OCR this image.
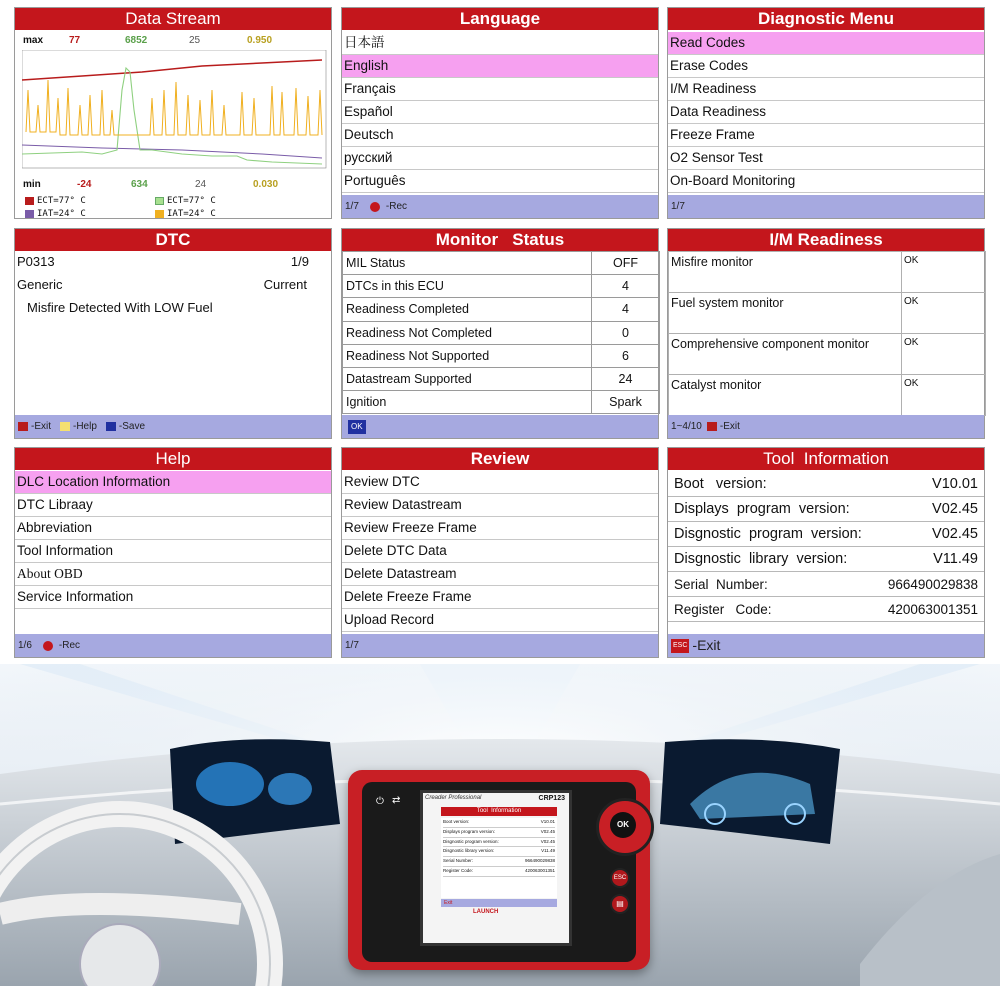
Data Stream
max	77	6852	25	0.950
min	-24	634	24	0.030
ECT=77° C	ECT=77° C
IAT=24° C	IAT=24° C
Language
日本語
English
Français
Español
Deutsch
русский
Português
1/7	-Rec
Diagnostic Menu
Read Codes
Erase Codes
I/M Readiness
Data Readiness
Freeze Frame
O2 Sensor Test
On-Board Monitoring
1/7
DTC
P0313	1/9
Generic	Current
Misfire Detected With LOW Fuel
-Exit -Help -Save
Monitor   Status
MIL Status	OFF
DTCs in this ECU	4
Readiness Completed	4
Readiness Not Completed	0
Readiness Not Supported	6
Datastream Supported	24
Ignition	Spark
OK
I/M Readiness
Misfire monitor	OK
Fuel system monitor	OK
Comprehensive component monitor	OK
Catalyst monitor	OK
1~4/10 -Exit
Help
DLC Location Information
DTC Libraay
Abbreviation
Tool Information
About OBD
Service Information
1/6	-Rec
Review
Review DTC
Review Datastream
Review Freeze Frame
Delete DTC Data
Delete Datastream
Delete Freeze Frame
Upload Record
1/7
Tool  Information
Boot   version:	V10.01
Displays  program  version:	V02.45
Disgnostic  program  version:	V02.45
Disgnostic  library  version:	V11.49
Serial  Number:	966490029838
Register   Code:	420063001351
ESC -Exit
⏻ ⇄	Creader Professional	CRP123
Tool  Information
Boot version:	V10.01
Displays program version:	V02.45
Disgnostic program version:	V02.45
Disgnostic library version:	V11.49
Serial Number:	966490029838
Register Code:	420063001351
Exit
LAUNCH
OK
ESC
▤
